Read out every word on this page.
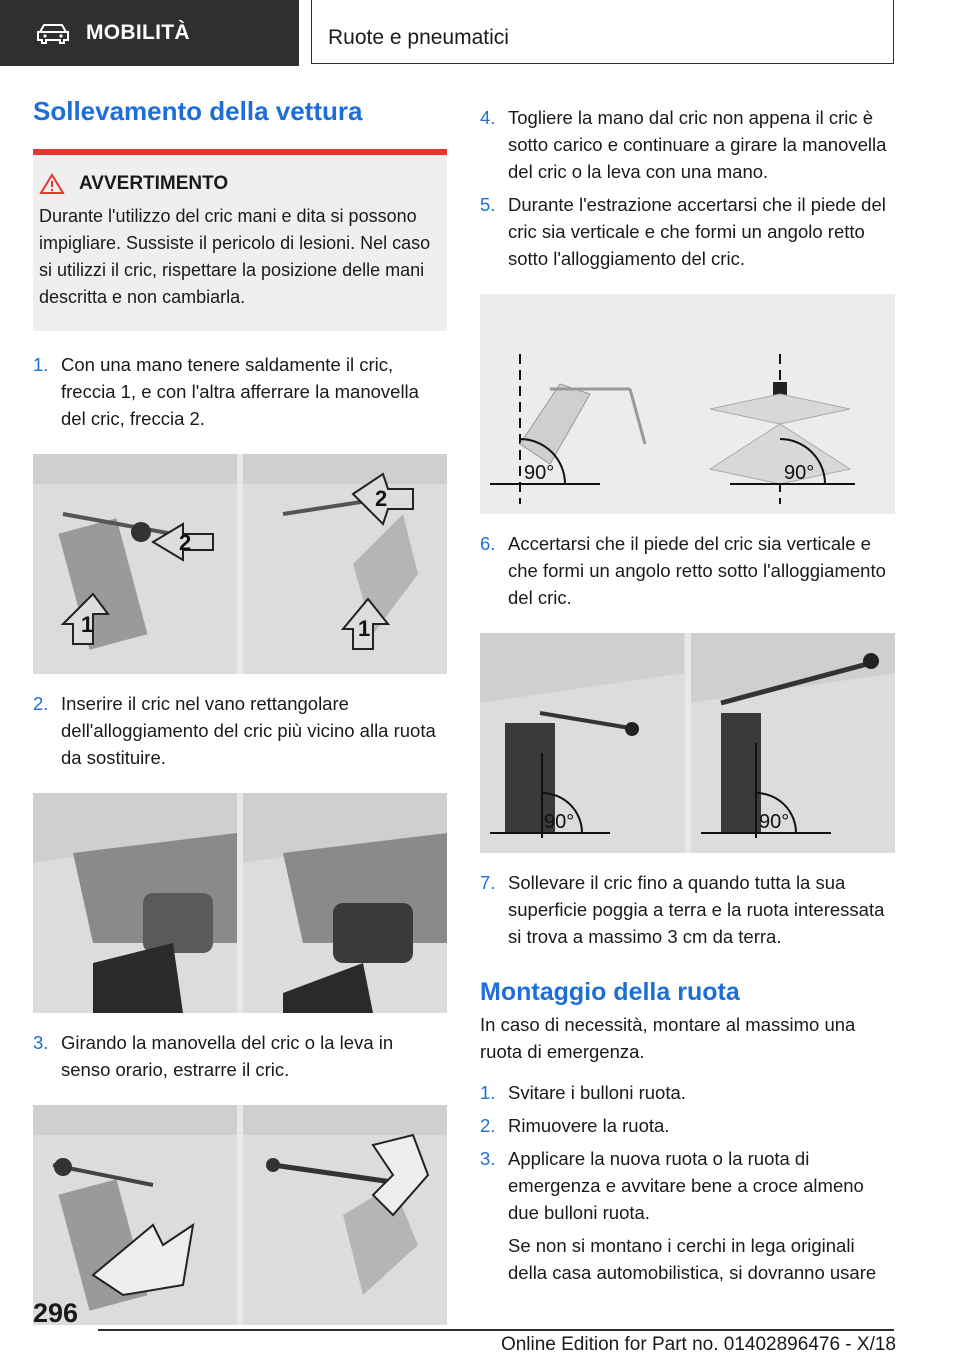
MOBILITÀ	Ruote e pneumatici
Sollevamento della vettura
AVVERTIMENTO
Durante l'utilizzo del cric mani e dita si possono impigliare. Sussiste il pericolo di lesioni. Nel caso si utilizzi il cric, rispettare la posizione delle mani descritta e non cambiarla.
1. Con una mano tenere saldamente il cric, freccia 1, e con l'altra afferrare la manovella del cric, freccia 2.
2
1
2
1
2. Inserire il cric nel vano rettangolare dell'alloggiamento del cric più vicino alla ruota da sostituire.
3. Girando la manovella del cric o la leva in senso orario, estrarre il cric.
4. Togliere la mano dal cric non appena il cric è sotto carico e continuare a girare la manovella del cric o la leva con una mano.
5. Durante l'estrazione accertarsi che il piede del cric sia verticale e che formi un angolo retto sotto l'alloggiamento del cric.
90°	90°
6. Accertarsi che il piede del cric sia verticale e che formi un angolo retto sotto l'alloggiamento del cric.
90°	90°
7. Sollevare il cric fino a quando tutta la sua superficie poggia a terra e la ruota interessata si trova a massimo 3 cm da terra.
Montaggio della ruota
In caso di necessità, montare al massimo una ruota di emergenza.
1. Svitare i bulloni ruota.
2. Rimuovere la ruota.
3. Applicare la nuova ruota o la ruota di emergenza e avvitare bene a croce almeno due bulloni ruota.
Se non si montano i cerchi in lega originali della casa automobilistica, si dovranno usare
296
Online Edition for Part no. 01402896476 - X/18
